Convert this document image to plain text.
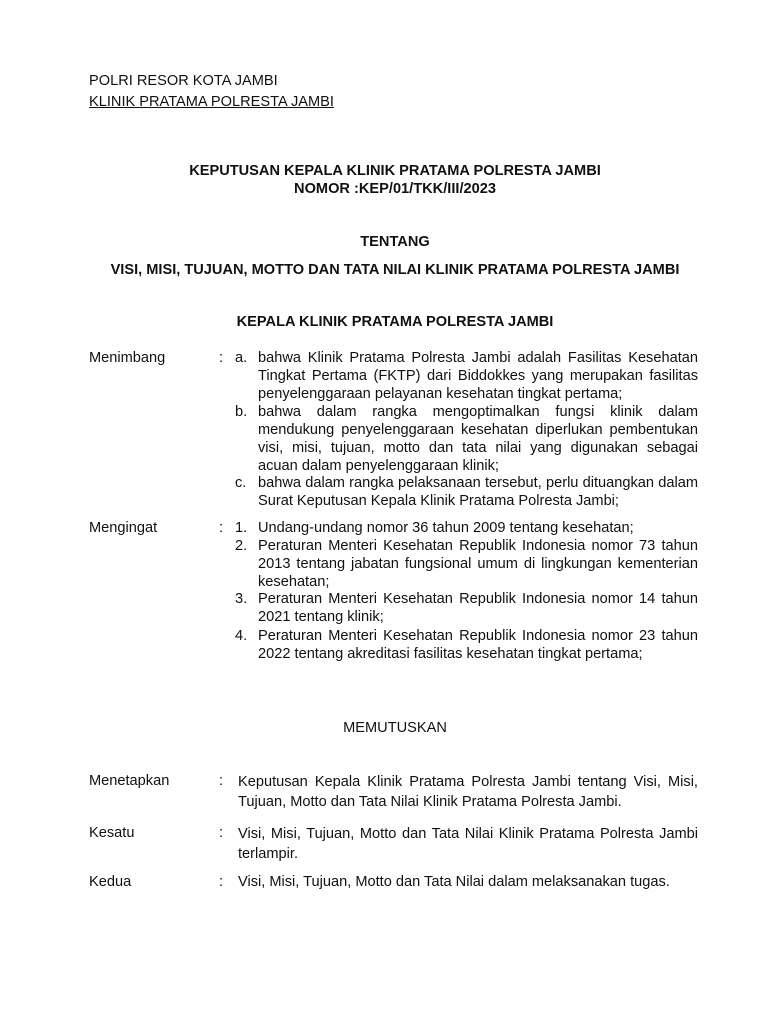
POLRI RESOR KOTA JAMBI
KLINIK PRATAMA POLRESTA JAMBI
KEPUTUSAN KEPALA KLINIK PRATAMA POLRESTA JAMBI
NOMOR :KEP/01/TKK/III/2023
TENTANG
VISI, MISI, TUJUAN, MOTTO DAN TATA NILAI KLINIK PRATAMA POLRESTA JAMBI
KEPALA KLINIK PRATAMA POLRESTA JAMBI
Menimbang	: a. bahwa Klinik Pratama Polresta Jambi adalah Fasilitas Kesehatan Tingkat Pertama (FKTP) dari Biddokkes yang merupakan fasilitas penyelenggaraan pelayanan kesehatan tingkat pertama;
b. bahwa dalam rangka mengoptimalkan fungsi klinik dalam mendukung penyelenggaraan kesehatan diperlukan pembentukan visi, misi, tujuan, motto dan tata nilai yang digunakan sebagai acuan dalam penyelenggaraan klinik;
c. bahwa dalam rangka pelaksanaan tersebut, perlu dituangkan dalam Surat Keputusan Kepala Klinik Pratama Polresta Jambi;
Mengingat	: 1. Undang-undang nomor 36 tahun 2009 tentang kesehatan;
2. Peraturan Menteri Kesehatan Republik Indonesia nomor 73 tahun 2013 tentang jabatan fungsional umum di lingkungan kementerian kesehatan;
3. Peraturan Menteri Kesehatan Republik Indonesia nomor 14 tahun 2021 tentang klinik;
4. Peraturan Menteri Kesehatan Republik Indonesia nomor 23 tahun 2022 tentang akreditasi fasilitas kesehatan tingkat pertama;
MEMUTUSKAN
Menetapkan	: Keputusan Kepala Klinik Pratama Polresta Jambi tentang Visi, Misi, Tujuan, Motto dan Tata Nilai Klinik Pratama Polresta Jambi.
Kesatu	: Visi, Misi, Tujuan, Motto dan Tata Nilai Klinik Pratama Polresta Jambi terlampir.
Kedua	: Visi, Misi, Tujuan, Motto dan Tata Nilai dalam melaksanakan tugas.
